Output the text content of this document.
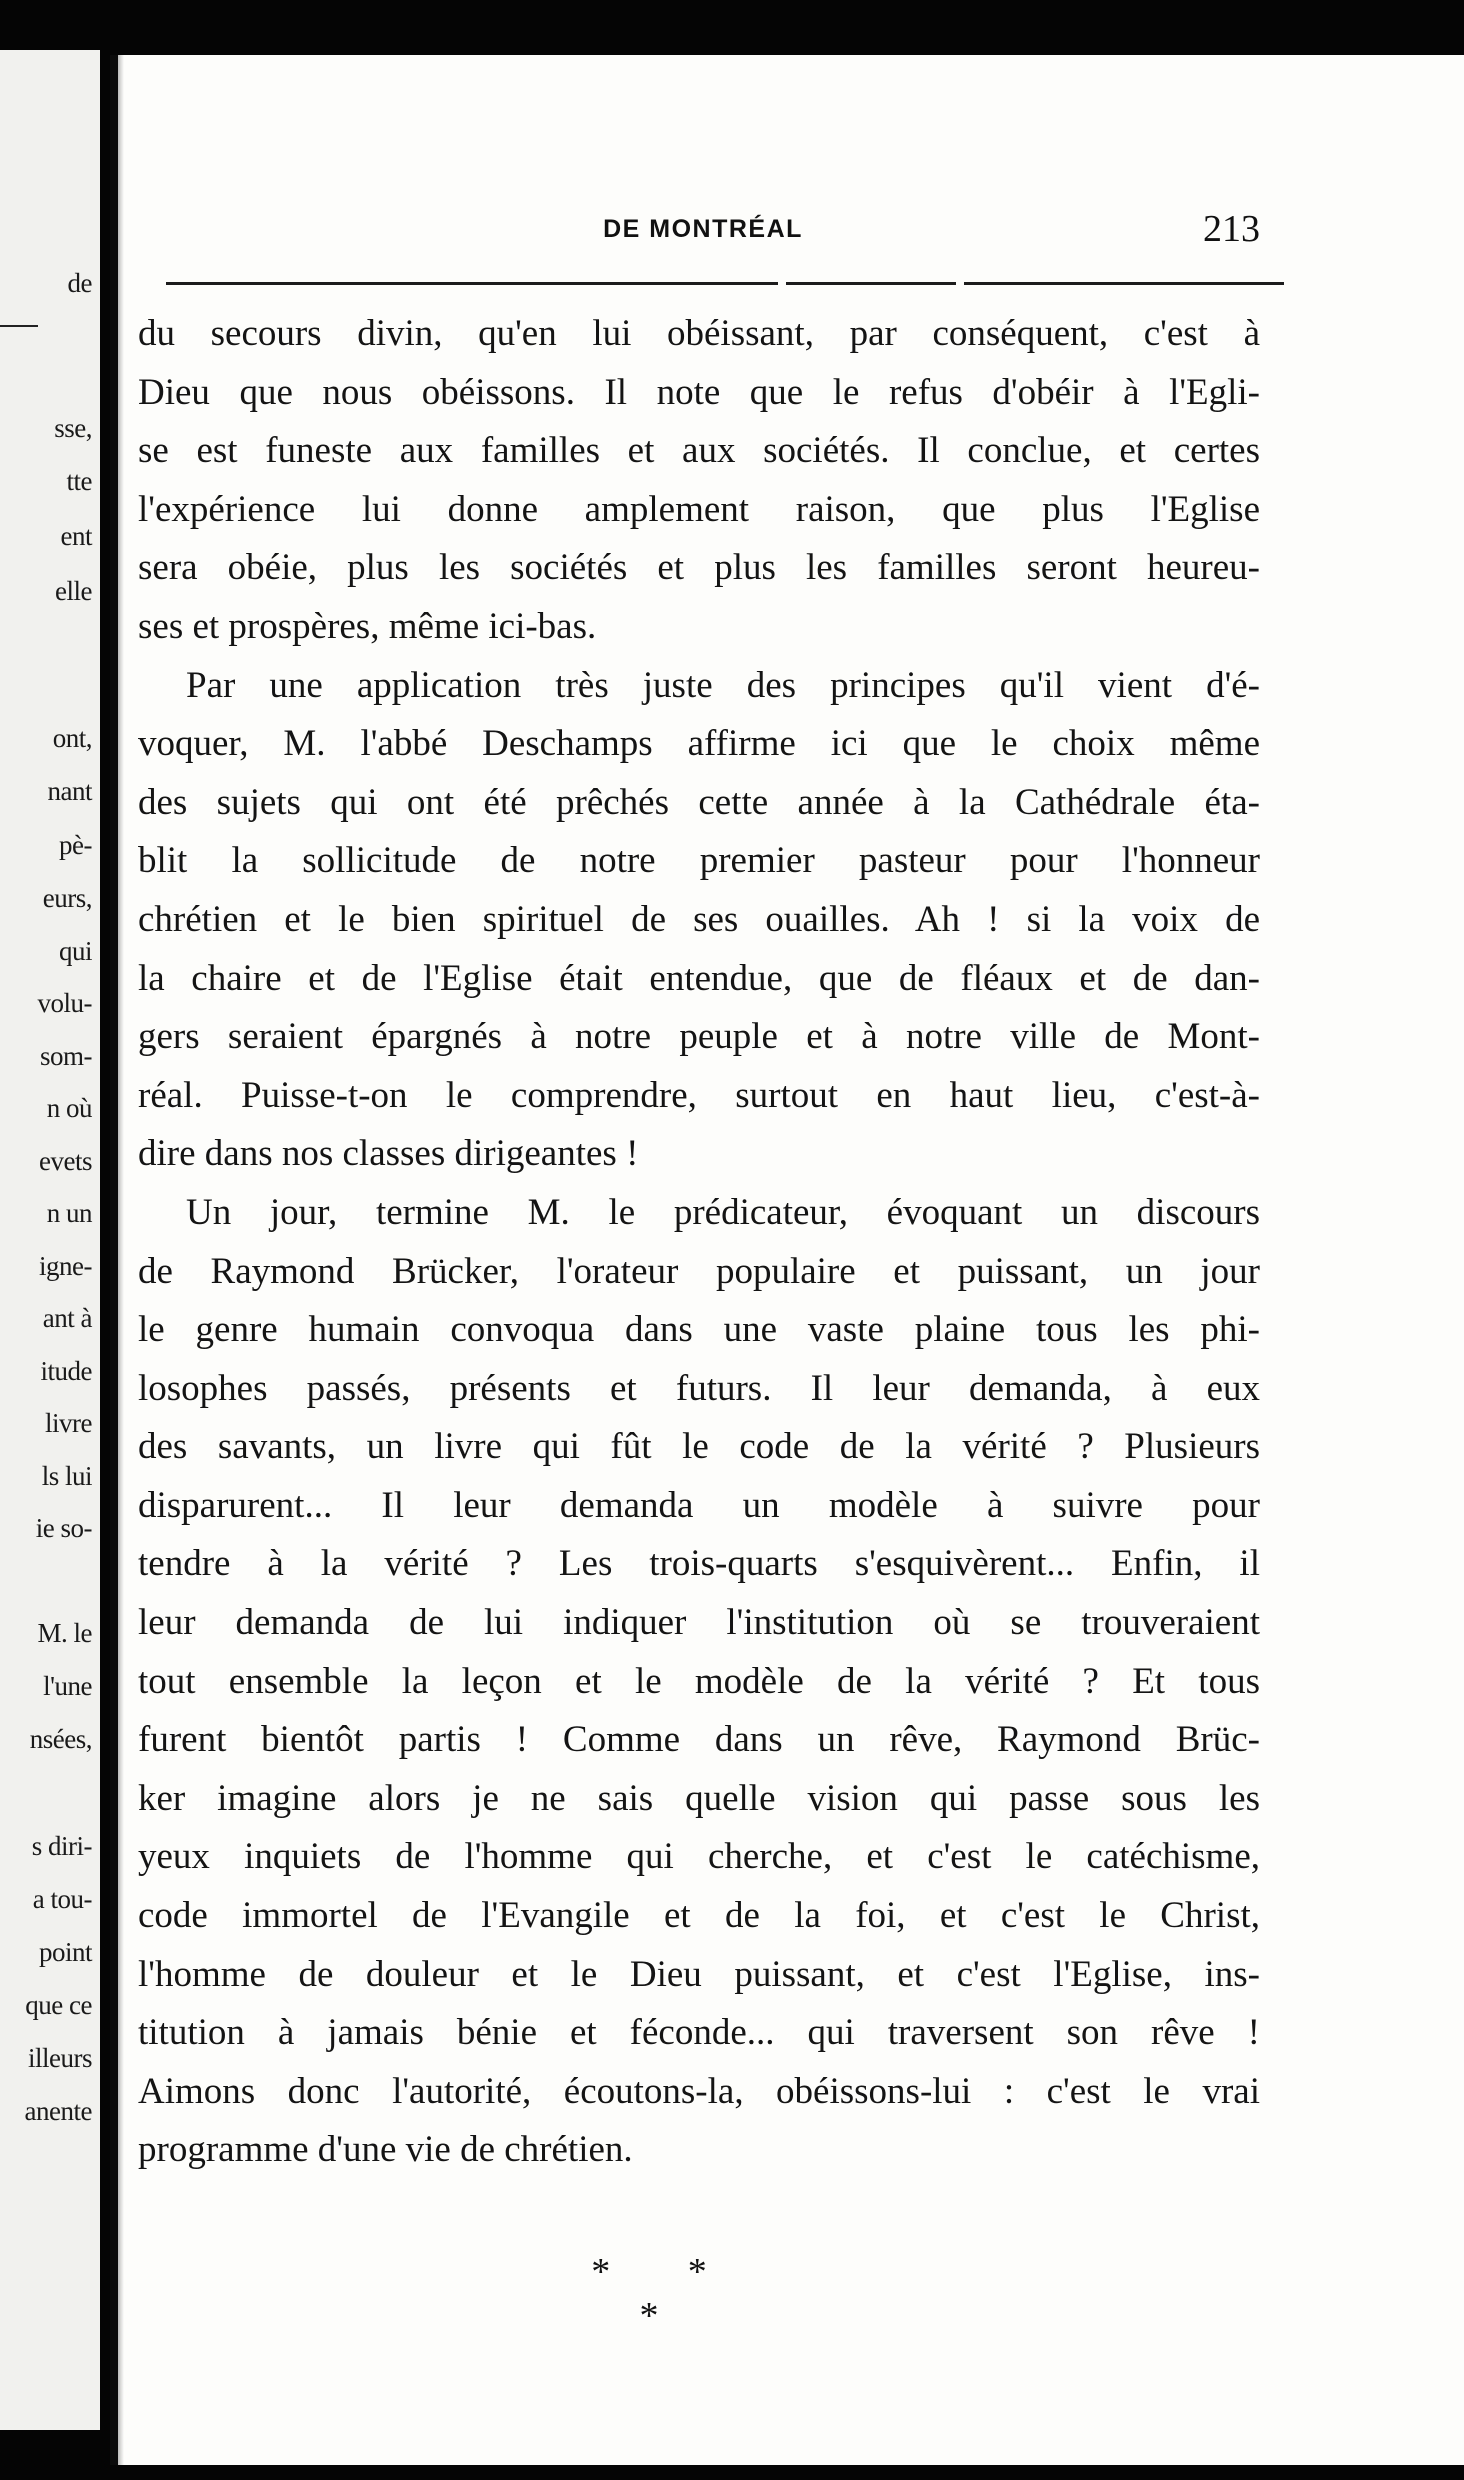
de
sse,
tte
ent
elle
ont,
nant
pè-
eurs,
qui
volu-
som-
n où
evets
n un
igne-
ant à
itude
livre
ls lui
ie so-
M. le
l'une
nsées,
s diri-
a tou-
point
que ce
illeurs
anente
DE MONTRÉAL	213

du secours divin, qu'en lui obéissant, par conséquent, c'est à

Dieu que nous obéissons. Il note que le refus d'obéir à l'Egli-

se est funeste aux familles et aux sociétés. Il conclue, et certes

l'expérience lui donne amplement raison, que plus l'Eglise

sera obéie, plus les sociétés et plus les familles seront heureu-

ses et prospères, même ici-bas.

Par une application très juste des principes qu'il vient d'é-

voquer, M. l'abbé Deschamps affirme ici que le choix même

des sujets qui ont été prêchés cette année à la Cathédrale éta-

blit la sollicitude de notre premier pasteur pour l'honneur

chrétien et le bien spirituel de ses ouailles. Ah ! si la voix de

la chaire et de l'Eglise était entendue, que de fléaux et de dan-

gers seraient épargnés à notre peuple et à notre ville de Mont-

réal. Puisse-t-on le comprendre, surtout en haut lieu, c'est-à-

dire dans nos classes dirigeantes !

Un jour, termine M. le prédicateur, évoquant un discours

de Raymond Brücker, l'orateur populaire et puissant, un jour

le genre humain convoqua dans une vaste plaine tous les phi-

losophes passés, présents et futurs. Il leur demanda, à eux

des savants, un livre qui fût le code de la vérité ? Plusieurs

disparurent... Il leur demanda un modèle à suivre pour

tendre à la vérité ? Les trois-quarts s'esquivèrent... Enfin, il

leur demanda de lui indiquer l'institution où se trouveraient

tout ensemble la leçon et le modèle de la vérité ? Et tous

furent bientôt partis ! Comme dans un rêve, Raymond Brüc-

ker imagine alors je ne sais quelle vision qui passe sous les

yeux inquiets de l'homme qui cherche, et c'est le catéchisme,

code immortel de l'Evangile et de la foi, et c'est le Christ,

l'homme de douleur et le Dieu puissant, et c'est l'Eglise, ins-

titution à jamais bénie et féconde... qui traversent son rêve !

Aimons donc l'autorité, écoutons-la, obéissons-lui : c'est le vrai

programme d'une vie de chrétien.

* * *
